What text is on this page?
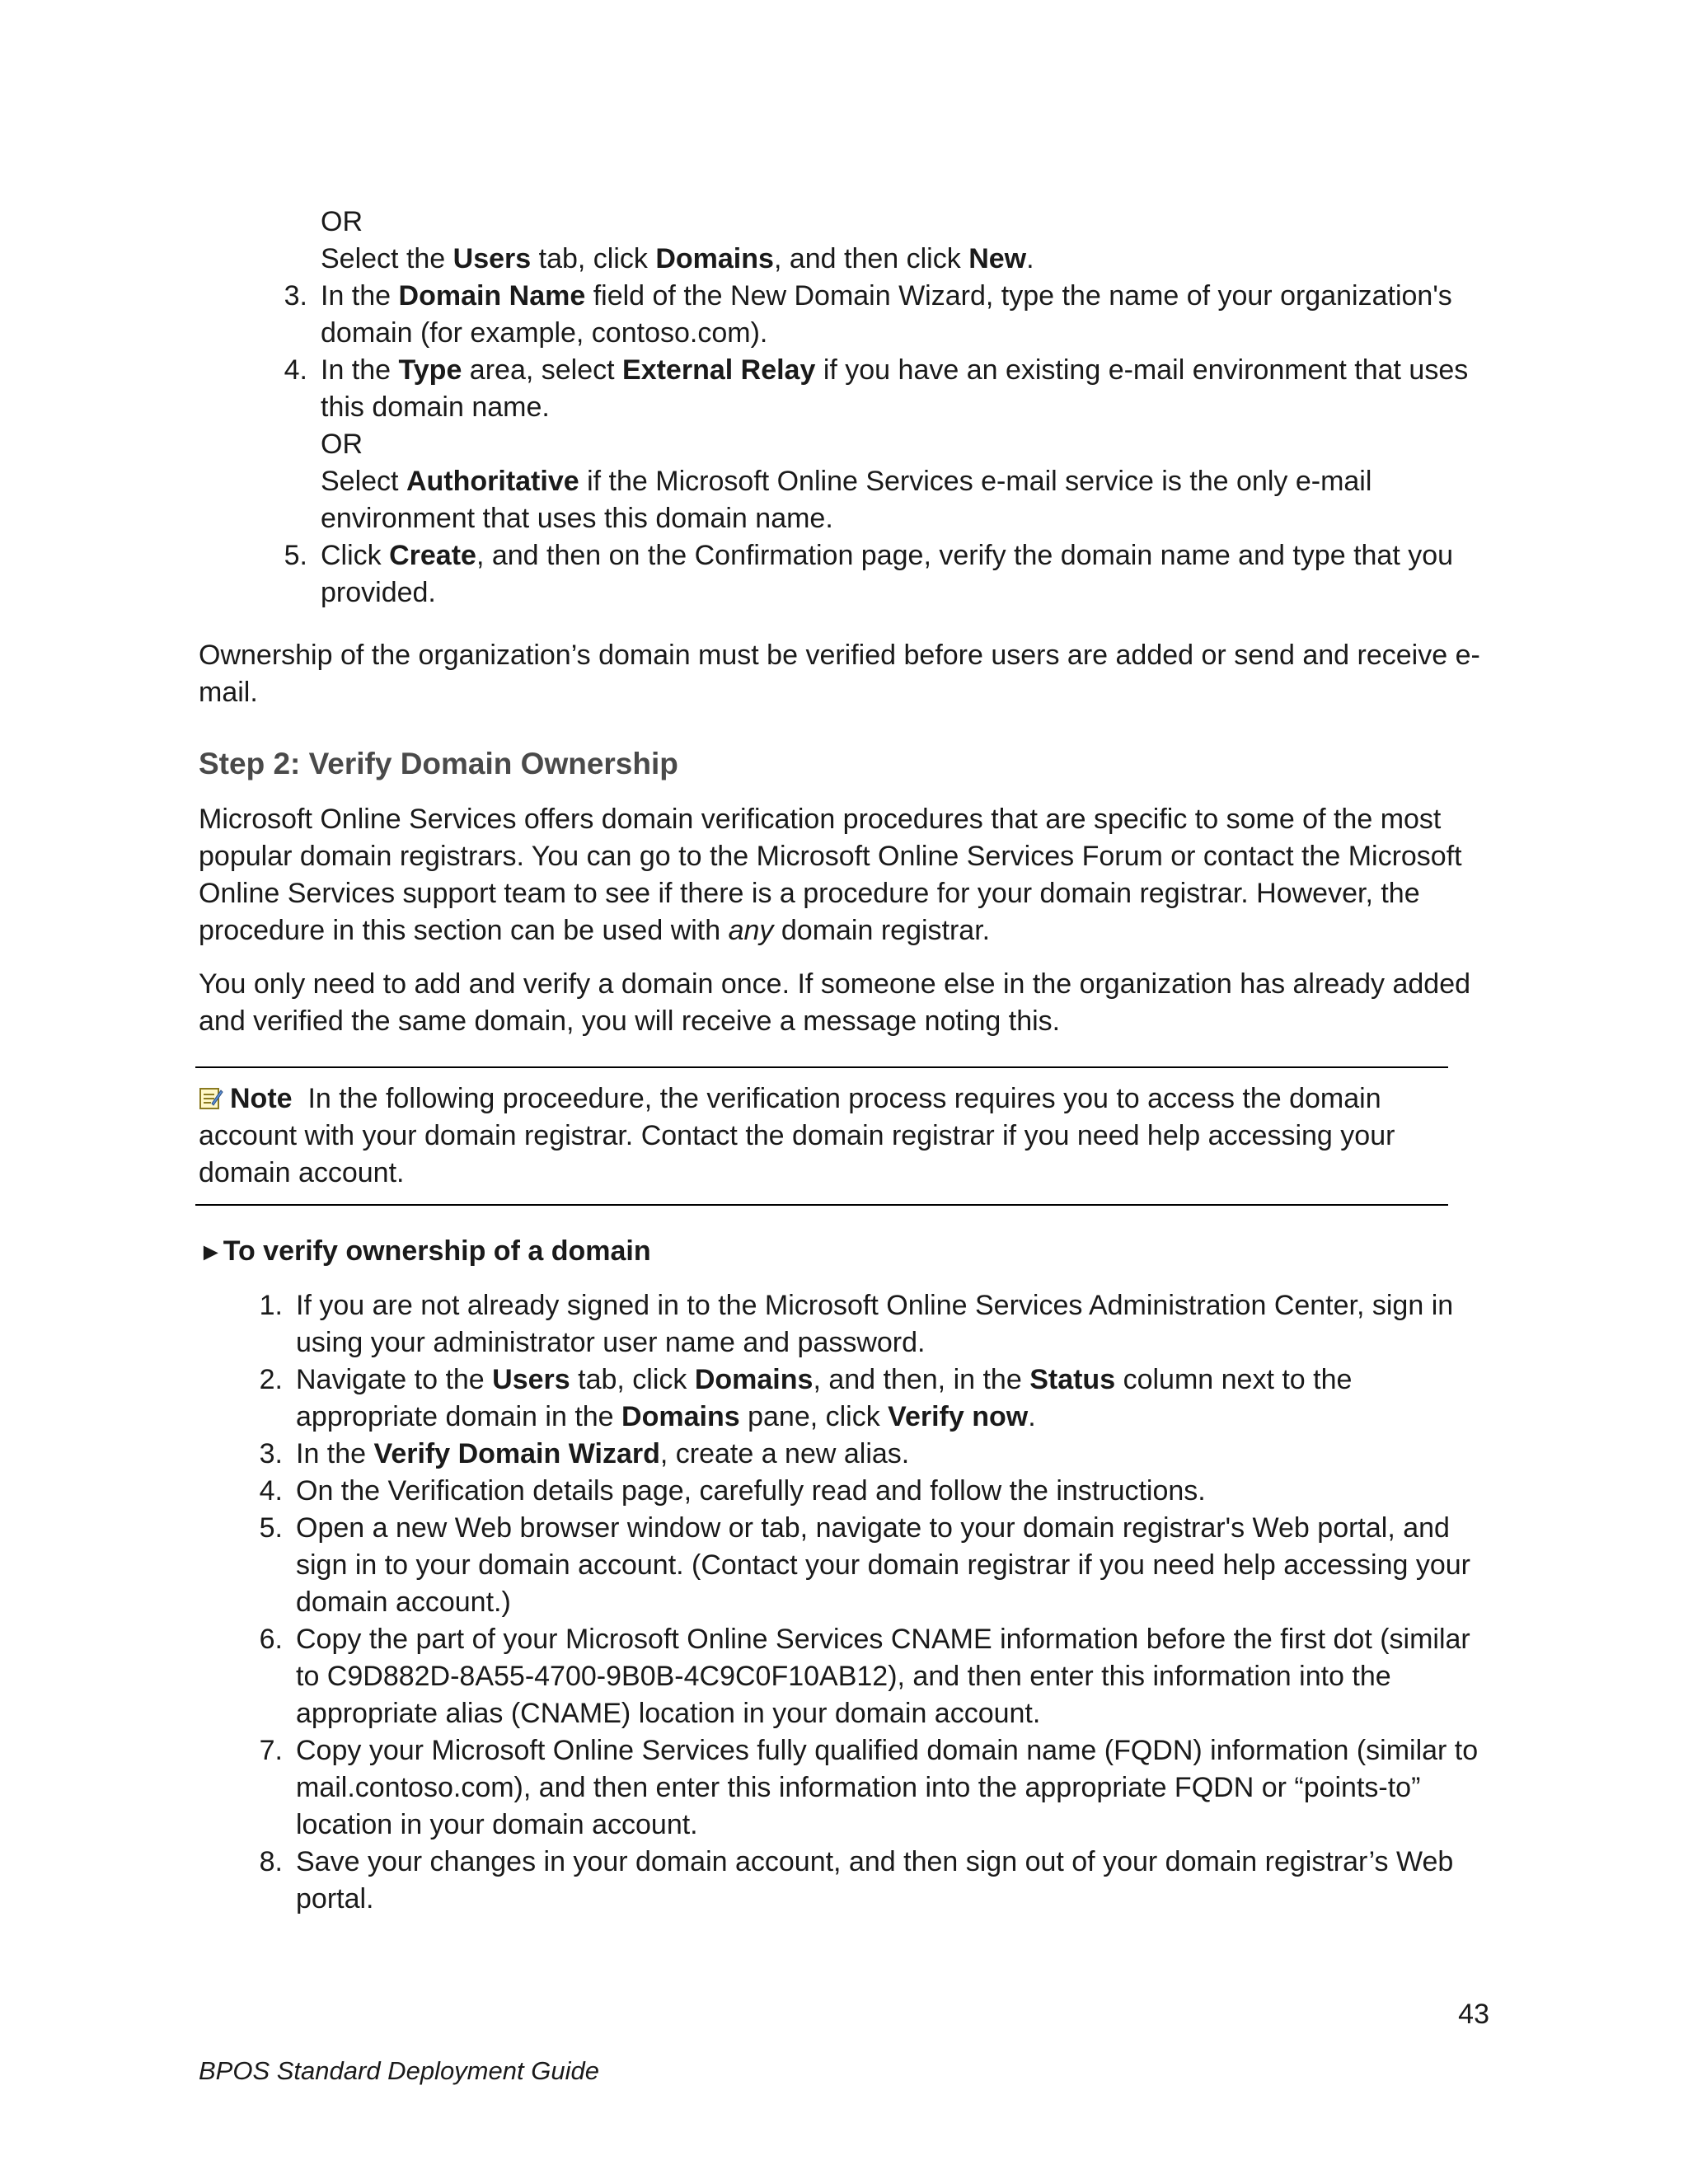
OR

Select the Users tab, click Domains, and then click New.

3. In the Domain Name field of the New Domain Wizard, type the name of your organization's domain (for example, contoso.com).
4. In the Type area, select External Relay if you have an existing e-mail environment that uses this domain name.
OR
Select Authoritative if the Microsoft Online Services e-mail service is the only e-mail environment that uses this domain name.
5. Click Create, and then on the Confirmation page, verify the domain name and type that you provided.

Ownership of the organization’s domain must be verified before users are added or send and receive e-mail.

Step 2: Verify Domain Ownership

Microsoft Online Services offers domain verification procedures that are specific to some of the most popular domain registrars. You can go to the Microsoft Online Services Forum or contact the Microsoft Online Services support team to see if there is a procedure for your domain registrar. However, the procedure in this section can be used with any domain registrar.

You only need to add and verify a domain once. If someone else in the organization has already added and verified the same domain, you will receive a message noting this.

Note In the following proceedure, the verification process requires you to access the domain account with your domain registrar. Contact the domain registrar if you need help accessing your domain account.

►To verify ownership of a domain
1. If you are not already signed in to the Microsoft Online Services Administration Center, sign in using your administrator user name and password.
2. Navigate to the Users tab, click Domains, and then, in the Status column next to the appropriate domain in the Domains pane, click Verify now.
3. In the Verify Domain Wizard, create a new alias.
4. On the Verification details page, carefully read and follow the instructions.
5. Open a new Web browser window or tab, navigate to your domain registrar's Web portal, and sign in to your domain account. (Contact your domain registrar if you need help accessing your domain account.)
6. Copy the part of your Microsoft Online Services CNAME information before the first dot (similar to C9D882D-8A55-4700-9B0B-4C9C0F10AB12), and then enter this information into the appropriate alias (CNAME) location in your domain account.
7. Copy your Microsoft Online Services fully qualified domain name (FQDN) information (similar to mail.contoso.com), and then enter this information into the appropriate FQDN or “points-to” location in your domain account.
8. Save your changes in your domain account, and then sign out of your domain registrar’s Web portal.
43
BPOS Standard Deployment Guide
